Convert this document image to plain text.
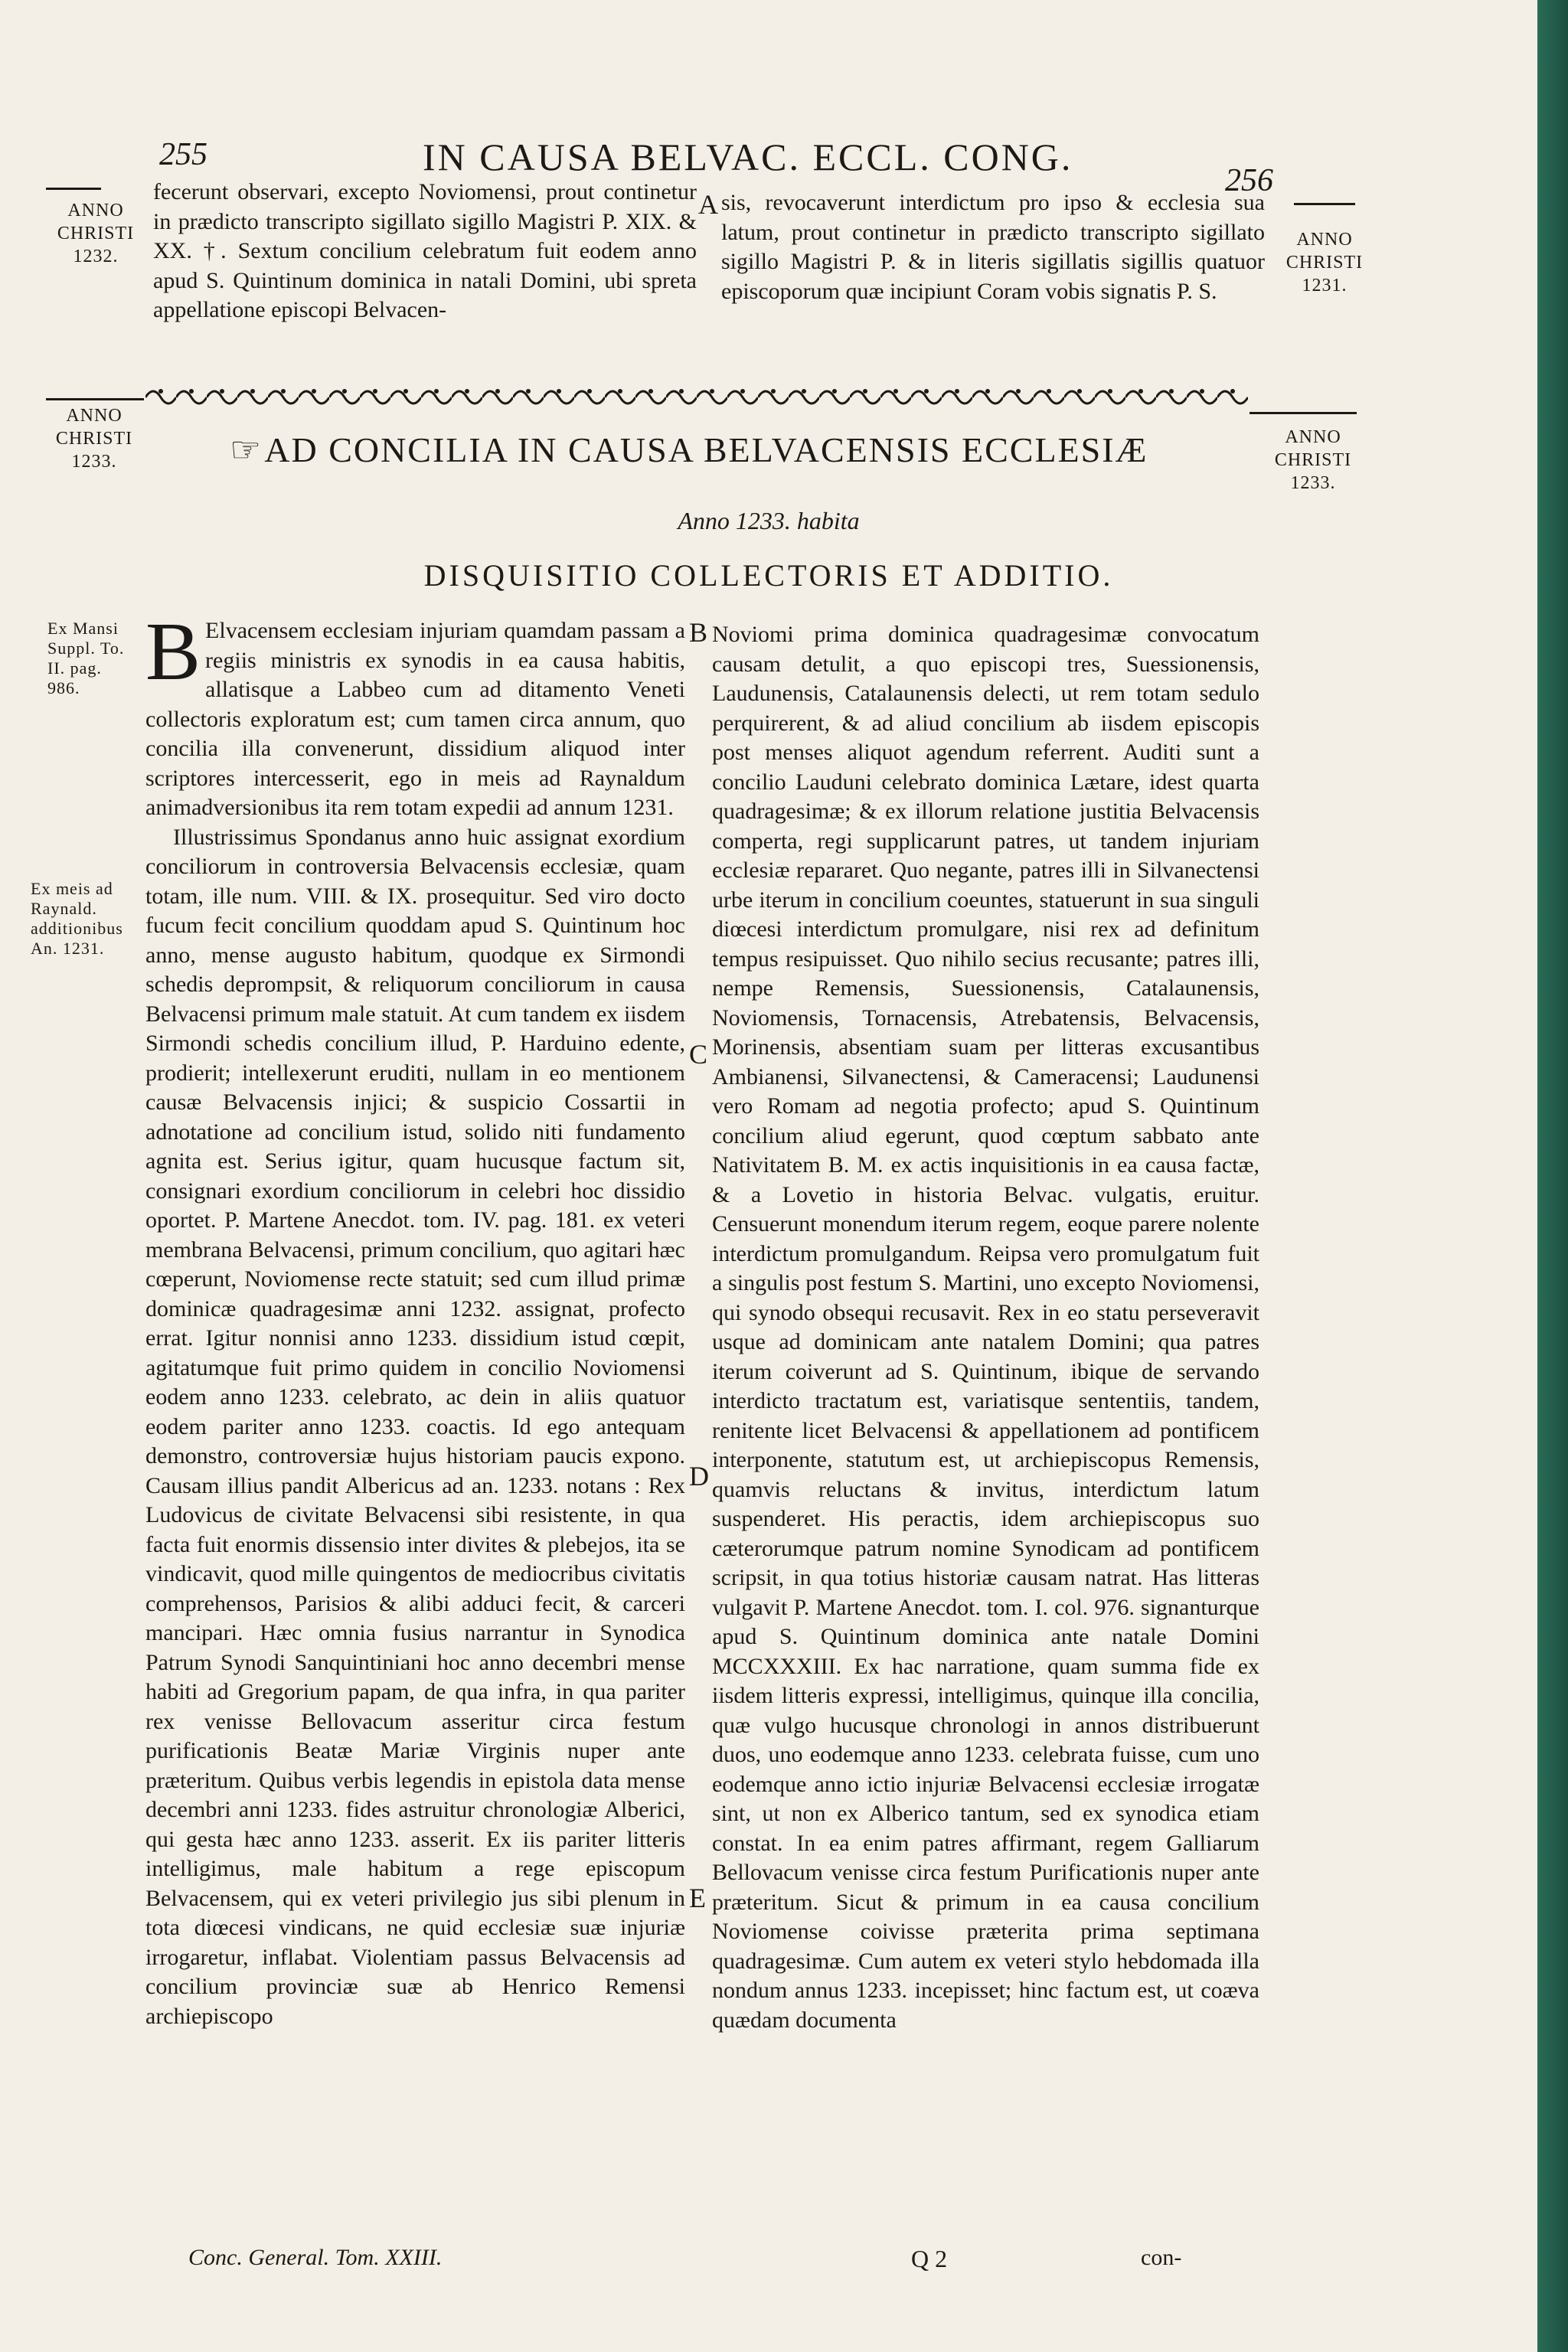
255	IN CAUSA BELVAC. ECCL. CONG.
256
ANNO
CHRISTI
1232.
ANNO
CHRISTI
1231.
fecerunt observari, excepto Noviomensi, prout continetur in prædicto transcripto sigillato sigillo Magistri P. XIX. & XX. †. Sextum concilium celebratum fuit eodem anno apud S. Quintinum dominica in natali Domini, ubi spreta appellatione episcopi Belvacen-
A sis, revocaverunt interdictum pro ipso & ecclesia sua latum, prout continetur in prædicto transcripto sigillato sigillo Magistri P. & in literis sigillatis sigillis quatuor episcoporum quæ incipiunt Coram vobis signatis P. S.
ANNO
CHRISTI
1233.
ANNO
CHRISTI
1233.
☞ AD CONCILIA IN CAUSA BELVACENSIS ECCLESIÆ
Anno 1233. habita
DISQUISITIO COLLECTORIS ET ADDITIO.
Ex Mansi Suppl. To. II. pag. 986.
Ex meis ad Raynald. additionibus An. 1231.
B Elvacensem ecclesiam injuriam quamdam passam a regiis ministris ex synodis in ea causa habitis, allatisque a Labbeo cum ad ditamento Veneti collectoris exploratum est; cum tamen circa annum, quo concilia illa convenerunt, dissidium aliquod inter scriptores intercesserit, ego in meis ad Raynaldum animadversionibus ita rem totam expedii ad annum 1231.
Illustrissimus Spondanus anno huic assignat exordium conciliorum in controversia Belvacensis ecclesiæ, quam totam, ille num. VIII. & IX. prosequitur. Sed viro docto fucum fecit concilium quoddam apud S. Quintinum hoc anno, mense augusto habitum, quodque ex Sirmondi schedis deprompsit, & reliquorum conciliorum in causa Belvacensi primum male statuit. At cum tandem ex iisdem Sirmondi schedis concilium illud, P. Harduino edente, prodierit; intellexerunt eruditi, nullam in eo mentionem causæ Belvacensis injici; & suspicio Cossartii in adnotatione ad concilium istud, solido niti fundamento agnita est. Serius igitur, quam hucusque factum sit, consignari exordium conciliorum in celebri hoc dissidio oportet. P. Martene Anecdot. tom. IV. pag. 181. ex veteri membrana Belvacensi, primum concilium, quo agitari hæc cœperunt, Noviomense recte statuit; sed cum illud primæ dominicæ quadragesimæ anni 1232. assignat, profecto errat. Igitur nonnisi anno 1233. dissidium istud cœpit, agitatumque fuit primo quidem in concilio Noviomensi eodem anno 1233. celebrato, ac dein in aliis quatuor eodem pariter anno 1233. coactis. Id ego antequam demonstro, controversiæ hujus historiam paucis expono. Causam illius pandit Albericus ad an. 1233. notans : Rex Ludovicus de civitate Belvacensi sibi resistente, in qua facta fuit enormis dissensio inter divites & plebejos, ita se vindicavit, quod mille quingentos de mediocribus civitatis comprehensos, Parisios & alibi adduci fecit, & carceri mancipari. Hæc omnia fusius narrantur in Synodica Patrum Synodi Sanquintiniani hoc anno decembri mense habiti ad Gregorium papam, de qua infra, in qua pariter rex venisse Bellovacum asseritur circa festum purificationis Beatæ Mariæ Virginis nuper ante præteritum. Quibus verbis legendis in epistola data mense decembri anni 1233. fides astruitur chronologiæ Alberici, qui gesta hæc anno 1233. asserit. Ex iis pariter litteris intelligimus, male habitum a rege episcopum Belvacensem, qui ex veteri privilegio jus sibi plenum in tota diœcesi vindicans, ne quid ecclesiæ suæ injuriæ irrogaretur, inflabat. Violentiam passus Belvacensis ad concilium provinciæ suæ ab Henrico Remensi archiepiscopo
B
C
D
E
Noviomi prima dominica quadragesimæ convocatum causam detulit, a quo episcopi tres, Suessionensis, Laudunensis, Catalaunensis delecti, ut rem totam sedulo perquirerent, & ad aliud concilium ab iisdem episcopis post menses aliquot agendum referrent. Auditi sunt a concilio Lauduni celebrato dominica Lætare, idest quarta quadragesimæ; & ex illorum relatione justitia Belvacensis comperta, regi supplicarunt patres, ut tandem injuriam ecclesiæ repararet. Quo negante, patres illi in Silvanectensi urbe iterum in concilium coeuntes, statuerunt in sua singuli diœcesi interdictum promulgare, nisi rex ad definitum tempus resipuisset. Quo nihilo secius recusante; patres illi, nempe Remensis, Suessionensis, Catalaunensis, Noviomensis, Tornacensis, Atrebatensis, Belvacensis, Morinensis, absentiam suam per litteras excusantibus Ambianensi, Silvanectensi, & Cameracensi; Laudunensi vero Romam ad negotia profecto; apud S. Quintinum concilium aliud egerunt, quod cœptum sabbato ante Nativitatem B. M. ex actis inquisitionis in ea causa factæ, & a Lovetio in historia Belvac. vulgatis, eruitur. Censuerunt monendum iterum regem, eoque parere nolente interdictum promulgandum. Reipsa vero promulgatum fuit a singulis post festum S. Martini, uno excepto Noviomensi, qui synodo obsequi recusavit. Rex in eo statu perseveravit usque ad dominicam ante natalem Domini; qua patres iterum coiverunt ad S. Quintinum, ibique de servando interdicto tractatum est, variatisque sententiis, tandem, renitente licet Belvacensi & appellationem ad pontificem interponente, statutum est, ut archiepiscopus Remensis, quamvis reluctans & invitus, interdictum latum suspenderet. His peractis, idem archiepiscopus suo cæterorumque patrum nomine Synodicam ad pontificem scripsit, in qua totius historiæ causam natrat. Has litteras vulgavit P. Martene Anecdot. tom. I. col. 976. signanturque apud S. Quintinum dominica ante natale Domini MCCXXXIII. Ex hac narratione, quam summa fide ex iisdem litteris expressi, intelligimus, quinque illa concilia, quæ vulgo hucusque chronologi in annos distribuerunt duos, uno eodemque anno 1233. celebrata fuisse, cum uno eodemque anno ictio injuriæ Belvacensi ecclesiæ irrogatæ sint, ut non ex Alberico tantum, sed ex synodica etiam constat. In ea enim patres affirmant, regem Galliarum Bellovacum venisse circa festum Purificationis nuper ante præteritum. Sicut & primum in ea causa concilium Noviomense coivisse præterita prima septimana quadragesimæ. Cum autem ex veteri stylo hebdomada illa nondum annus 1233. incepisset; hinc factum est, ut coæva quædam documenta
Conc. General. Tom. XXIII.	Q 2	con-
